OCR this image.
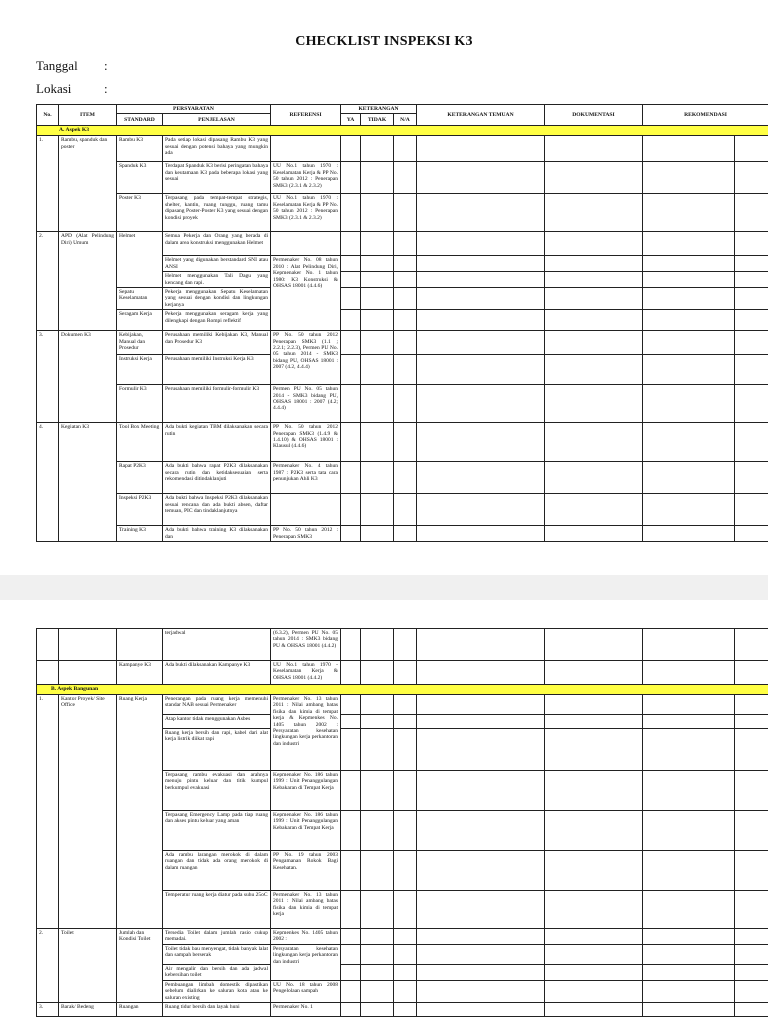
CHECKLIST INSPEKSI K3
Tanggal :
Lokasi	:
No.	ITEM	PERSYARATAN		REFERENSI	KETERANGAN			KETERANGAN TEMUAN	DOKUMENTASI	REKOMENDASI	
		STANDARD	PENJELASAN		YA	TIDAK	N/A				
A. Aspek K3											
1.	Rambu, spanduk dan poster	Rambu K3	Pada setiap lokasi dipasang Rambu K3 yang sesuai dengan potensi bahaya yang mungkin ada								
		Spanduk K3	Terdapat Spanduk K3 berisi peringatan bahaya dan keutamaan K3 pada beberapa lokasi yang sesuai	UU No.1 tahun 1970 : Keselamatan Kerja & PP No. 50 tahun 2012 : Penerapan SMK3 (2.3.1 & 2.3.2)							
		Poster K3	Terpasang pada tempat-tempat strategis, shelter, kantin, ruang tunggu, ruang tamu dipasang Poster-Poster K3 yang sesuai dengan kondisi proyek	UU No.1 tahun 1970 : Keselamatan Kerja & PP No. 50 tahun 2012 : Penerapan SMK3 (2.3.1 & 2.3.2)							
2.	APD (Alat Pelindung Diri) Umum	Helmet	Semua Pekerja dan Orang yang berada di dalam area konstruksi menggunakan Helmet								
			Helmet yang digunakan berstandard SNI atau ANSI	Permenaker No. 08 tahun 2010 : Alat Pelindung Diri, Kepmenaker No. 1 tahun 1980: K3 Konstruksi & OHSAS 18001 (4.4.6)							
			Helmet menggunakan Tali Dagu yang kencang dan rapi.								
		Sepatu Keselamatan	Pekerja menggunakan Sepatu Keselamatan yang sesuai dengan kondisi dan lingkungan kerjanya								
		Seragam Kerja	Pekerja menggunakan seragam kerja yang dilengkapi dengan Rompi reflektif								
3.	Dokumen K3	Kebijakan, Manual dan Prosedur	Perusahaan memiliki Kebijakan K3, Manual dan Prosedur K3	PP No. 50 tahun 2012 Penerapan SMK3 (1.1 ; 2.2.1; 2.2.3), Permen PU No. 05 tahun 2014 - SMK3 bidang PU, OHSAS 18001 : 2007 (4.2, 4.4.4)							
		Instruksi Kerja	Perusahaan memiliki Instruksi Kerja K3								
		Formulir K3	Perusahaan memiliki formulir-formulir K3	Permen PU No. 05 tahun 2014 - SMK3 bidang PU, OHSAS 18001 : 2007 (4.2; 4.4.4)							
4.	Kegiatan K3	Tool Box Meeting	Ada bukti kegiatan TBM dilaksanakan secara rutin	PP No. 50 tahun 2012 Penerapan SMK3 (1.4.9 & 1.4.10) & OHSAS 18001 : Klausul (4.4.6)							
		Rapat P2K3	Ada bukti bahwa rapat P2K3 dilaksanakan secara rutin dan ketidaksesuaian serta rekomendasi ditindaklanjuti	Permenaker No. 4 tahun 1987 : P2K3 serta tata cara penunjukan Ahli K3							
		Inspeksi P2K3	Ada bukti bahwa Inspeksi P2K3 dilaksanakan sesuai rencana dan ada bukti absen, daftar temuan, PIC dan tindaklanjutnya								
		Training K3	Ada bukti bahwa training K3 dilaksanakan dan	PP No. 50 tahun 2012 : Penerapan SMK3							
			terjadwal	(6.3.2), Permen PU No. 05 tahun 2014 : SMK3 bidang PU & OHSAS 18001 (4.4.2)							
		Kampanye K3	Ada bukti dilaksanakan Kampanye K3	UU No.1 tahun 1970 - Keselamatan Kerja & OHSAS 18001 (4.4.2)							
B. Aspek Bangunan											
1.	Kantor Proyek/ Site Office	Ruang Kerja	Penerangan pada ruang kerja memenuhi standar NAB sesuai Permenaker	Permenaker No. 13 tahun 2011 : Nilai ambang batas fisika dan kimia di tempat kerja & Kepmenkes No. 1405 tahun 2002 : Persyaratan kesehatan lingkungan kerja perkantoran dan industri							
			Atap kantor tidak menggunakan Asbes								
			Ruang kerja bersih dan rapi, kabel dari alat kerja listrik diikat rapi								
			Terpasang rambu evakuasi dan arahnya menuju pintu keluar dan titik kumpul berkumpul evakuasi	Kepmenaker No. 186 tahun 1999 : Unit Penanggulangan Kebakaran di Tempat Kerja							
			Terpasang Emergency Lamp pada tiap ruang dan akses pintu keluar yang aman	Kepmenaker No. 186 tahun 1999 : Unit Penanggulangan Kebakaran di Tempat Kerja							
			Ada rambu larangan merokok di dalam ruangan dan tidak ada orang merokok di dalam ruangan	PP No. 19 tahun 2003 Pengamanan Rokok Bagi Kesehatan.							
			Temperatur ruang kerja diatur pada suhu 25oC	Permenaker No. 13 tahun 2011 : Nilai ambang batas fisika dan kimia di tempat kerja							
2.	Toilet	Jumlah dan Kondisi Toilet	Tersedia Toilet dalam jumlah rasio cukup memadai.	Kepmenkes No. 1405 tahun 2002 :							
			Toilet tidak bau menyengat, tidak banyak lalat dan sampah berserak	Persyaratan kesehatan lingkungan kerja perkantoran dan industri							
			Air mengalir dan bersih dan ada jadwal kebersihan toilet								
			Pembuangan limbah domestik dipastikan sebelum dialirkan ke saluran kota atau ke saluran existing	UU No. 18 tahun 2008 Pengelolaan sampah							
3.	Barak/ Bedeng	Ruangan	Ruang tidur bersih dan layak huni	Permenaker No. 1							
